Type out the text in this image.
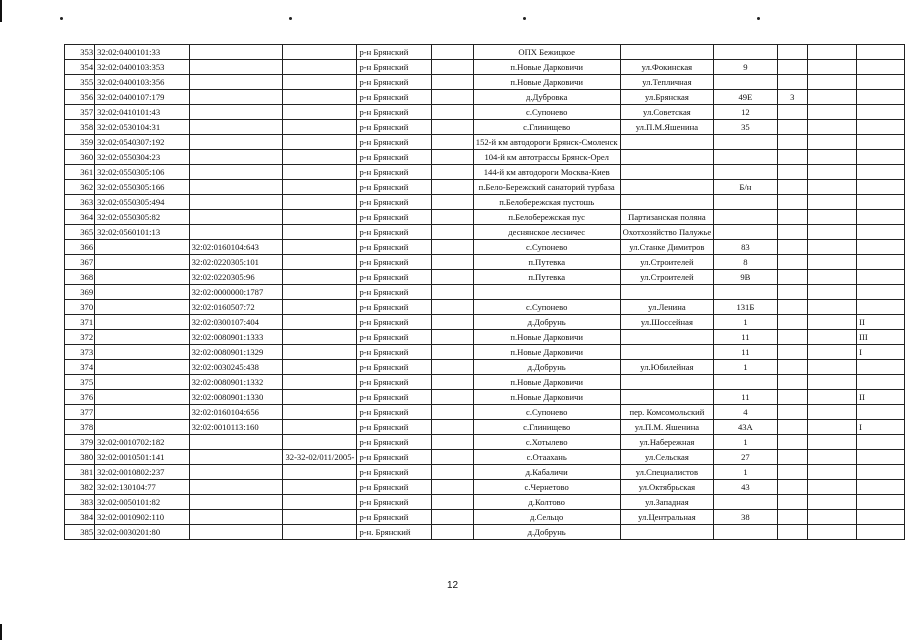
353	32:02:0400101:33			р-н Брянский		ОПХ Бежицкое					
354	32:02:0400103:353			р-н Брянский		п.Новые Дарковичи	ул.Фокинская	9			
355	32:02:0400103:356			р-н Брянский		п.Новые Дарковичи	ул.Тепличная				
356	32:02:0400107:179			р-н Брянский		д.Дубровка	ул.Брянская	49Е	3		
357	32:02:0410101:43			р-н Брянский		с.Супонево	ул.Советская	12			
358	32:02:0530104:31			р-н Брянский		с.Глинищево	ул.П.М.Яшенина	35			
359	32:02:0540307:192			р-н Брянский		152-й км автодороги Брянск-Смоленск					
360	32:02:0550304:23			р-н Брянский		104-й км автотрассы Брянск-Орел					
361	32:02:0550305:106			р-н Брянский		144-й км автодороги Москва-Киев					
362	32:02:0550305:166			р-н Брянский		п.Бело-Бережский санаторий турбаза		Б/н			
363	32:02:0550305:494			р-н Брянский		п.Белобережская пустошь					
364	32:02:0550305:82			р-н Брянский		п.Белобережская пус	Партизанская поляна				
365	32:02:0560101:13			р-н Брянский		деснянское лесничес	Охотхозяйство Палужье				
366		32:02:0160104:643		р-н Брянский		с.Супонево	ул.Станке Димитров	83			
367		32:02:0220305:101		р-н Брянский		п.Путевка	ул.Строителей	8			
368		32:02:0220305:96		р-н Брянский		п.Путевка	ул.Строителей	9В			
369		32:02:0000000:1787		р-н Брянский							
370		32:02:0160507:72		р-н Брянский		с.Супонево	ул.Ленина	131Б			
371		32:02:0300107:404		р-н Брянский		д.Добрунь	ул.Шоссейная	1			II
372		32:02:0080901:1333		р-н Брянский		п.Новые Дарковичи		11			III
373		32:02:0080901:1329		р-н Брянский		п.Новые Дарковичи		11			I
374		32:02:0030245:438		р-н Брянский		д.Добрунь	ул.Юбилейная	1			
375		32:02:0080901:1332		р-н Брянский		п.Новые Дарковичи					
376		32:02:0080901:1330		р-н Брянский		п.Новые Дарковичи		11			II
377		32:02:0160104:656		р-н Брянский		с.Супонево	пер. Комсомольский	4			
378		32:02:0010113:160		р-н Брянский		с.Глинищево	ул.П.М. Яшенина	43А			I
379	32:02:0010702:182			р-н Брянский		с.Хотылево	ул.Набережная	1			
380	32:02:0010501:141		32-32-02/011/2005-	р-н Брянский		с.Отаахань	ул.Сельская	27			
381	32:02:0010802:237			р-н Брянский		д.Кабаличи	ул.Специалистов	1			
382	32:02:130104:77			р-н Брянский		с.Чернетово	ул.Октябрьская	43			
383	32:02:0050101:82			р-н Брянский		д.Колтово	ул.Западная				
384	32:02:0010902:110			р-н Брянский		д.Сельцо	ул.Центральная	38			
385	32:02:0030201:80			р-н. Брянский		д.Добрунь					
12
